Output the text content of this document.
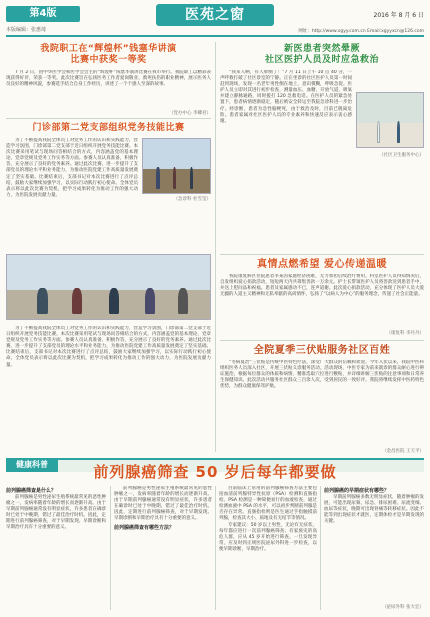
第4版
本版编辑：张惠琦
医苑之窗	2016 年 8 月 6 日
网址：http://www.xgyy.com.cn Email:xgyyxcn@126.com
我院职工在“辉煌杯”钱塞华讲演
比赛中获奖一等奖

7 月 2 日，由中华医学会和医学会会主的“辉煌杯”钱塞华演讲比赛在我市举行。我院职工以精彩表现获得好评，荣获一等奖。此次比赛旨在弘扬医务工作者爱岗敬业、救死扶伤的职业精神，展示医务人员良好的精神风貌，参赛选手结合自身工作经历，讲述了一个个感人至深的故事。

（党办中心 李卿君）
门诊部第二党支部组织党务技能比赛

为了不断提高我院全体员工对党务工作的认识和实践能力，营造学习氛围，门诊部第二党支部于近日组织开展党务技能比赛。本次比赛采用笔试与现场问答相结合的方式，内容涵盖党的基本理论、党章党规及党务工作实务等方面。参赛人员认真准备，积极作答，充分展示了良好的党务素养。通过此次比赛，进一步提升了支部党员的理论水平和业务能力，为推动医院党建工作高质量发展奠定了坚实基础。比赛结束后，支部书记对本次比赛进行了点评总结，鼓励大家继续加强学习，以实际行动践行初心使命。全体党员表示将以此次比赛为契机，把学习成果转化为推动工作的强大动力，为医院发展贡献力量。

（急诊科 杜雪莹）
新医患者突然晕厥
社区医护人员及时应急救治

“我来人啊，有人晕倒了！”7 月 11 日上午 10 点 40 分，一声呼救打破了社区诊室的宁静。正在坐诊的社区医护人员第一时间赶到现场，发现一名老年男性倒在地上，意识模糊，呼吸急促。医护人员立即对其进行初步检查，测量血压、血糖，开放气道，吸氧并建立静脉通路，同时拨打 120 急救电话。在医护人员的紧急处置下，患者病情逐渐稳定，随后被安全转运至我院急诊科进一步治疗。经诊断，患者为急性脑梗死，由于救治及时，目前已脱离危险。患者家属对社区医护人员的专业素养和快速反应表示衷心感谢。

（社区卫生服务中心）
真情点燃希望 爱心传递温暖

我院康复病区住院患者李某因家庭经济困难，无力承担后续治疗费用。科室医护人员得知情况后，自发组织爱心捐款活动，短短两天内共筹集善款一万余元。护士长带领医护人员将善款送到患者手中，并送上慰问品和祝福。患者及家属感动不已，连声道谢。此次爱心捐款活动，充分体现了医护人员大爱无疆的人道主义精神和无私奉献的高尚情怀，弘扬了“以病人为中心”的服务理念，传递了社会正能量。

（康复科 李丹丹）
全院夏季三伏贴服务社区百姓

“冬病夏治”三伏贴是传统中医特色疗法，深受广大群众的信赖和欢迎。今年入伏以来，我院中医科组织医务人员深入社区，开展三伏贴义诊服务活动。活动现场，中医专家为前来就诊的群众耐心进行辨证施治，根据每位群众的体质和病情，精准选取穴位进行敷贴，并详细讲解三伏贴的注意事项和日常养生保健知识。此次活动共服务社区群众三百余人次，受到居民的一致好评。我院将继续发挥中医药特色优势，为群众健康保驾护航。

（金昌医院 王天平）

为了不断提高我院全体员工对党务工作的认识和实践能力，营造学习氛围，门诊部第二党支部于近日组织开展党务技能比赛。本次比赛采用笔试与现场问答相结合的方式，内容涵盖党的基本理论、党章党规及党务工作实务等方面。参赛人员认真准备，积极作答，充分展示了良好的党务素养。通过此次比赛，进一步提升了支部党员的理论水平和业务能力，为推动医院党建工作高质量发展奠定了坚实基础。比赛结束后，支部书记对本次比赛进行了点评总结，鼓励大家继续加强学习，以实际行动践行初心使命。全体党员表示将以此次比赛为契机，把学习成果转化为推动工作的强大动力，为医院发展贡献力量。

健康科普	前列腺癌筛查 50 岁后每年都要做
前列腺癌筛查是什么？

前列腺癌是男性泌尿生殖系统最常见的恶性肿瘤之一，发病率随着年龄的增长而逐渐升高。由于早期前列腺癌通常没有明显症状，许多患者在确诊时已处于中晚期，错过了最佳治疗时机。因此，定期进行前列腺癌筛查，对于早期发现、早期诊断和早期治疗具有十分重要的意义。

前列腺癌是男性泌尿生殖系统最常见的恶性肿瘤之一，发病率随着年龄的增长而逐渐升高。由于早期前列腺癌通常没有明显症状，许多患者在确诊时已处于中晚期，错过了最佳治疗时机。因此，定期进行前列腺癌筛查，对于早期发现、早期诊断和早期治疗具有十分重要的意义。

前列腺癌筛查有哪些方法？

目前临床上常用的前列腺癌筛查方法主要包括血清前列腺特异性抗原（PSA）检测和直肠指检。PSA 检测是一种简便易行的血液检查，通过检测血液中 PSA 的水平，可以初步判断前列腺是否存在异常。直肠指检则是医生通过手指触摸前列腺，检查其大小、质地及有无结节等情况。

专家建议：50 岁以上男性，无论有无症状，每年都应进行一次前列腺癌筛查；有家族史的高危人群，应从 45 岁开始进行筛查。一旦发现异常，应及时到正规医院泌尿外科进一步检查，以便早期诊断，早期治疗。

前列腺癌的早期症状有哪些？

早期前列腺癌多数无明显症状，随着肿瘤的发展，可能出现尿频、尿急、排尿困难、尿流变细、血尿等症状，晚期可出现骨痛等转移症状。因此不能等到出现症状才就医，定期体检才是早期发现的关键。

（泌尿外科 张大宏）
